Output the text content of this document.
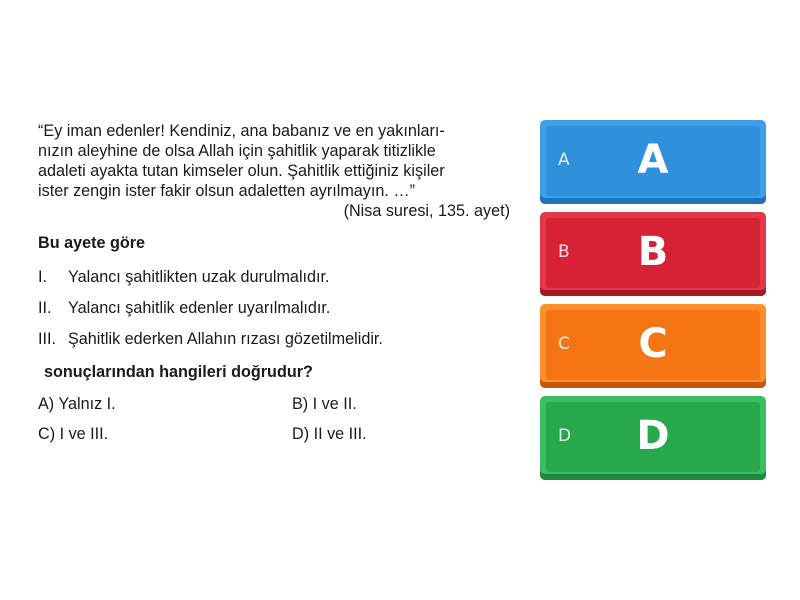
“Ey iman edenler! Kendiniz, ana babanız ve en yakınları-
nızın aleyhine de olsa Allah için şahitlik yaparak titizlikle
adaleti ayakta tutan kimseler olun. Şahitlik ettiğiniz kişiler
ister zengin ister fakir olsun adaletten ayrılmayın. …”
(Nisa suresi, 135. ayet)
Bu ayete göre
I.	Yalancı şahitlikten uzak durulmalıdır.
II.	Yalancı şahitlik edenler uyarılmalıdır.
III. Şahitlik ederken Allahın rızası gözetilmelidir.
sonuçlarından hangileri doğrudur?
A) Yalnız I.	B) I ve II.
C) I ve III.	D) II ve III.
A	A
B	B
C	C
D	D
